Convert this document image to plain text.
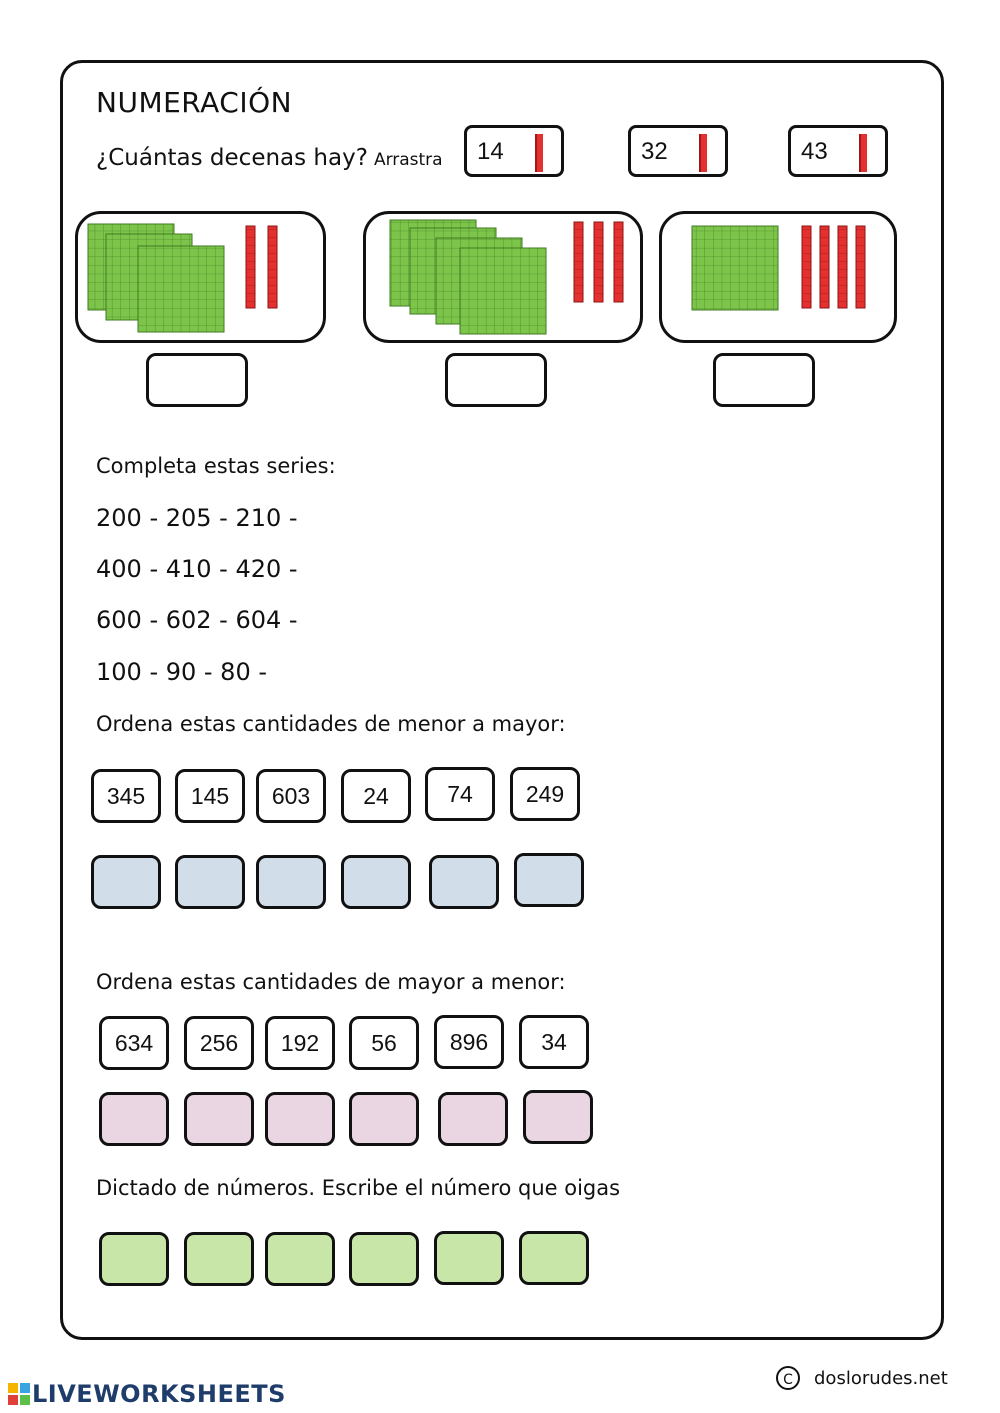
NUMERACIÓN
¿Cuántas decenas hay? Arrastra	14	32	43
Completa estas series:
200 - 205 - 210 -
400 - 410 - 420 -
600 - 602 - 604 -
100 - 90 - 80 -
Ordena estas cantidades de menor a mayor:
345	145	603	24	74	249
Ordena estas cantidades de mayor a menor:
634	256	192	56	896	34
Dictado de números. Escribe el número que oigas
C doslorudes.net
LIVEWORKSHEETS
